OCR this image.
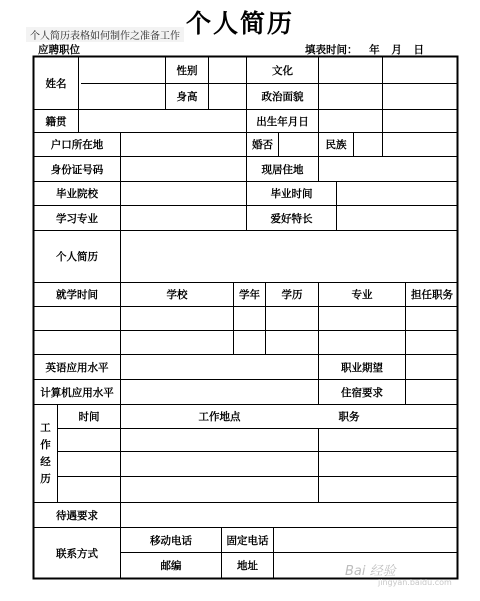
个人简历
个人简历表格如何制作之准备工作
应聘职位	填表时间： 年 月 日
姓名
性别	文化
身高	政治面貌
籍贯	出生年月日
户口所在地	婚否	民族
身份证号码	现居住地
毕业院校	毕业时间
学习专业	爱好特长
个人简历
就学时间	学校	学年	学历	专业	担任职务
英语应用水平	职业期望
计算机应用水平	住宿要求
工
作
经
历
时间	工作地点	职务
待遇要求
联系方式
移动电话	固定电话
邮编	地址	Bai 经验
jingyan.baidu.com
